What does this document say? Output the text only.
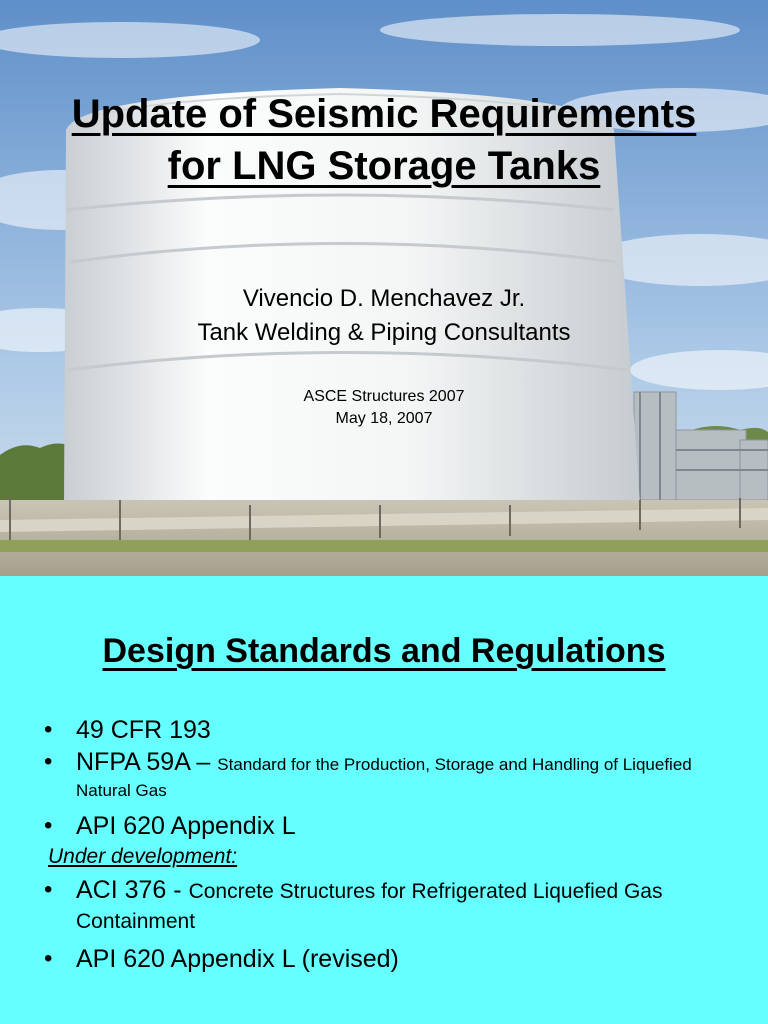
Update of Seismic Requirements
for LNG Storage Tanks
Vivencio D. Menchavez Jr.
Tank Welding & Piping Consultants
ASCE Structures 2007
May 18, 2007
Design Standards and Regulations
• 49 CFR 193
• NFPA 59A – Standard for the Production, Storage and Handling of Liquefied Natural Gas
• API 620 Appendix L
Under development:
• ACI 376 - Concrete Structures for Refrigerated Liquefied Gas Containment
• API 620 Appendix L (revised)
